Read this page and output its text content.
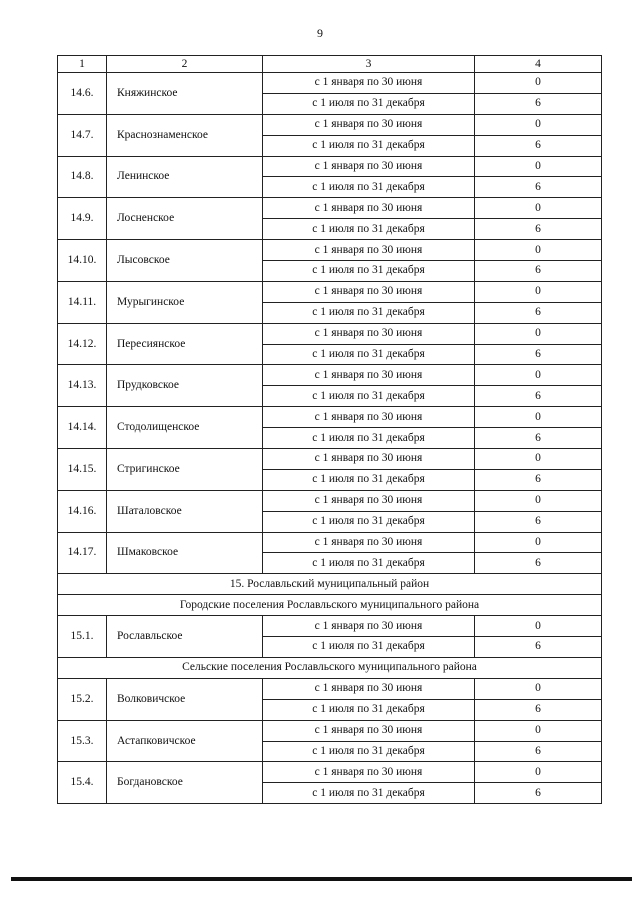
9
1	2	3	4
14.6.	Княжинское	с 1 января по 30 июня	0
		с 1 июля по 31 декабря	6
14.7.	Краснознаменское	с 1 января по 30 июня	0
		с 1 июля по 31 декабря	6
14.8.	Ленинское	с 1 января по 30 июня	0
		с 1 июля по 31 декабря	6
14.9.	Лосненское	с 1 января по 30 июня	0
		с 1 июля по 31 декабря	6
14.10.	Лысовское	с 1 января по 30 июня	0
		с 1 июля по 31 декабря	6
14.11.	Мурыгинское	с 1 января по 30 июня	0
		с 1 июля по 31 декабря	6
14.12.	Пересиянское	с 1 января по 30 июня	0
		с 1 июля по 31 декабря	6
14.13.	Прудковское	с 1 января по 30 июня	0
		с 1 июля по 31 декабря	6
14.14.	Стодолищенское	с 1 января по 30 июня	0
		с 1 июля по 31 декабря	6
14.15.	Стригинское	с 1 января по 30 июня	0
		с 1 июля по 31 декабря	6
14.16.	Шаталовское	с 1 января по 30 июня	0
		с 1 июля по 31 декабря	6
14.17.	Шмаковское	с 1 января по 30 июня	0
		с 1 июля по 31 декабря	6
15. Рославльский муниципальный район			
Городские поселения Рославльского муниципального района			
15.1.	Рославльское	с 1 января по 30 июня	0
		с 1 июля по 31 декабря	6
Сельские поселения Рославльского муниципального района			
15.2.	Волковичское	с 1 января по 30 июня	0
		с 1 июля по 31 декабря	6
15.3.	Астапковичское	с 1 января по 30 июня	0
		с 1 июля по 31 декабря	6
15.4.	Богдановское	с 1 января по 30 июня	0
		с 1 июля по 31 декабря	6
